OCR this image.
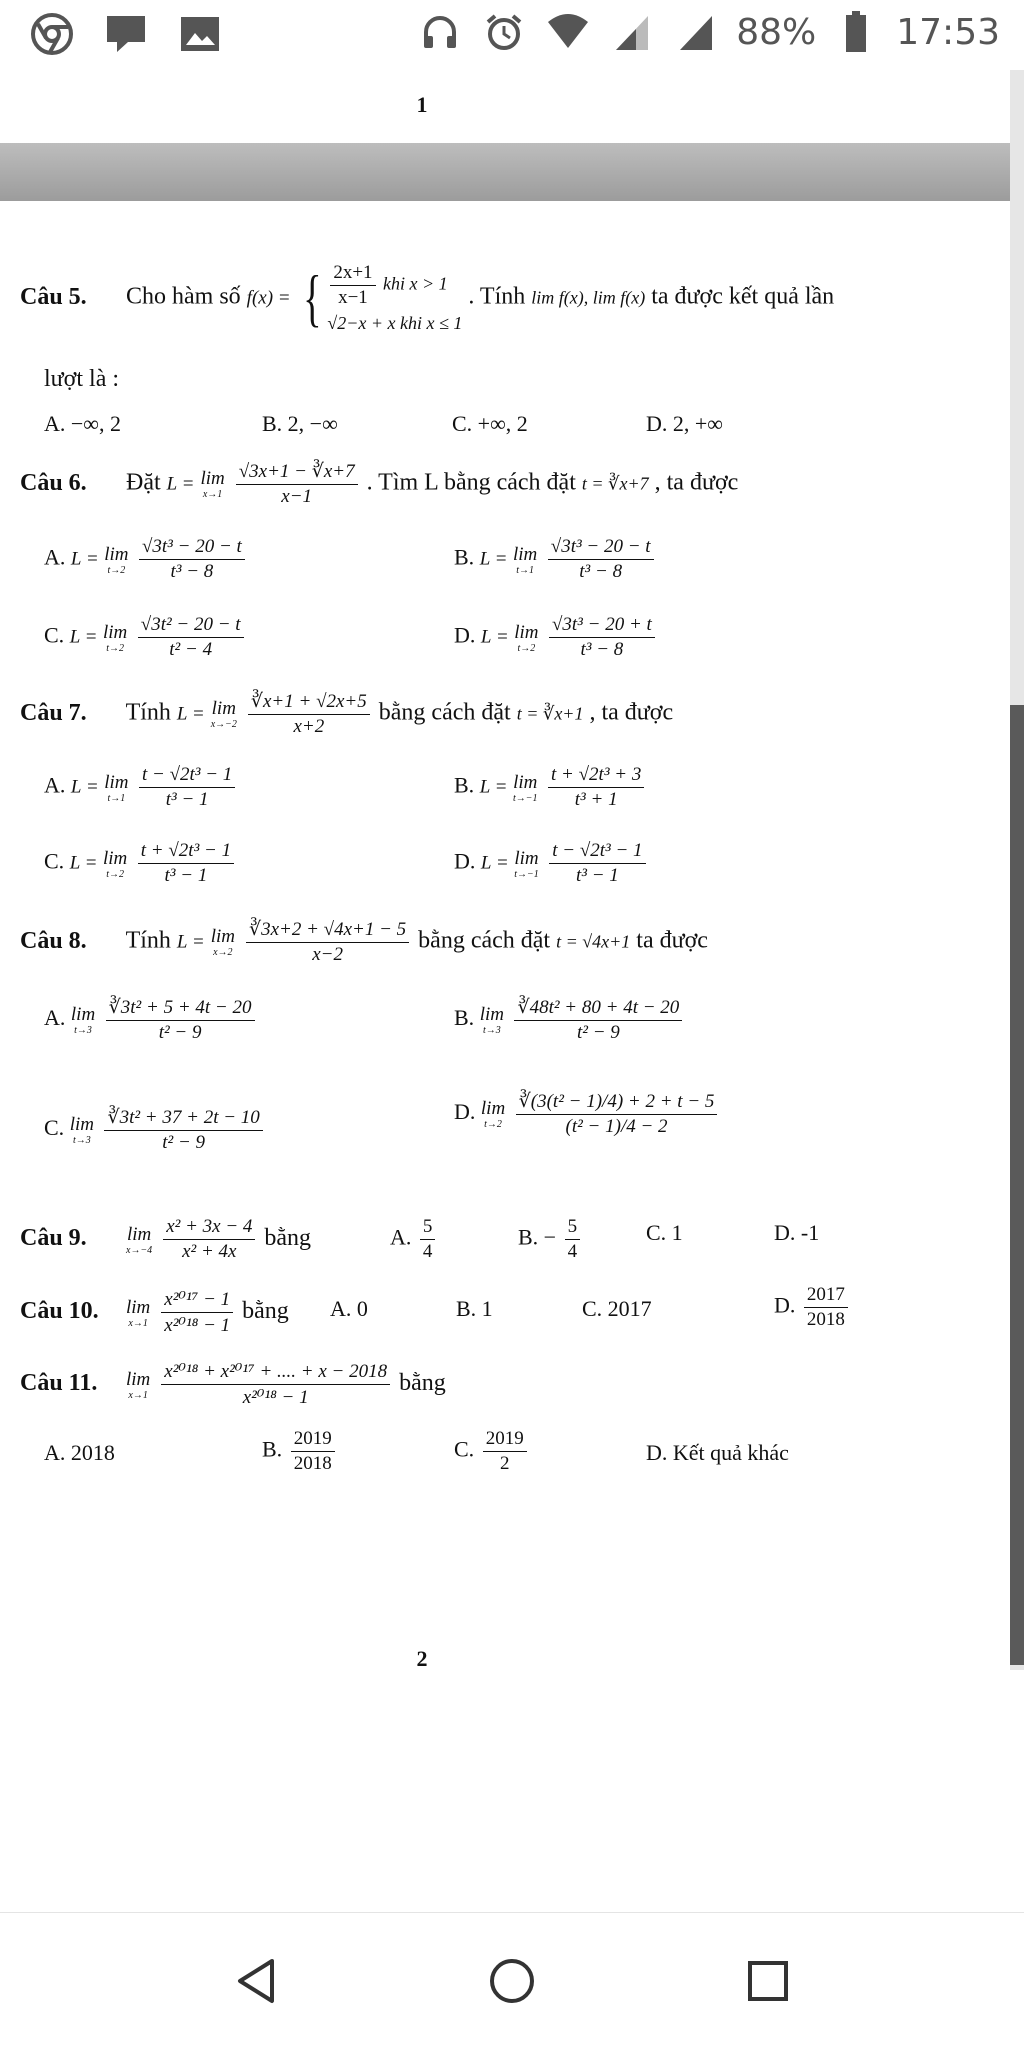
88% 17:53
1
Câu 5. Cho hàm số f(x) = { $\frac{2x+1}{x-1}$ khi x > 1
√2−x + x khi x ≤ 1
. Tính lim f(x), lim f(x) ta được kết quả lần
lượt là :
A. −∞, 2	B. 2, −∞	C. +∞, 2	D. 2, +∞
Câu 6. Đặt L = lim
x→1
$\frac{√3x+1 - ∛x+7}{x-1}$ . Tìm L bằng cách đặt t = ∛x+7 , ta được
A. L = lim
t→2
$\frac{\text{√3t³ − 20 − t}}{\text{t³ − 8}}$	B. L = lim
t→1
$\frac{\text{√3t³ − 20 − t}}{\text{t³ − 8}}$
C. L = lim
t→2
$\frac{\text{√3t² − 20 − t}}{\text{t² − 4}}$	D. L = lim
t→2
$\frac{\text{√3t³ − 20 + t}}{\text{t³ − 8}}$
Câu 7. Tính L = lim
x→−2
$\frac{∛x+1 + √2x+5}{x+2}$ bằng cách đặt t = ∛x+1 , ta được
A. L = lim
t→1
$\frac{\text{t − √2t³ − 1}}{\text{t³ − 1}}$	B. L = lim
t→−1
$\frac{\text{t + √2t³ + 3}}{\text{t³ + 1}}$
C. L = lim
t→2
$\frac{\text{t + √2t³ − 1}}{\text{t³ − 1}}$	D. L = lim
t→−1
$\frac{\text{t − √2t³ − 1}}{\text{t³ − 1}}$
Câu 8. Tính L = lim
x→2
$\frac{∛3x+2 + √4x+1 - 5}{x-2}$ bằng cách đặt t = √4x+1 ta được
A. lim
t→3
$\frac{\text{∛3t² + 5 + 4t − 20}}{\text{t² − 9}}$	B. lim
t→3
$\frac{\text{∛48t² + 80 + 4t − 20}}{\text{t² − 9}}$
C. lim
t→3
$\frac{\text{∛3t² + 37 + 2t − 10}}{\text{t² − 9}}$	D. lim
t→2
$\frac{\text{∛(3(t² − 1)/4) + 2 + t − 5}}{\text{(t² − 1)/4 − 2}}$
Câu 9. lim
x→−4
$\frac{\text{x² + 3x − 4}}{\text{x² + 4x}}$ bằng	A. $\frac{5}{4}$	B. − $\frac{5}{4}$	C. 1	D. -1
Câu 10. lim
x→1
$\frac{\text{x²⁰¹⁷ − 1}}{\text{x²⁰¹⁸ − 1}}$ bằng A. 0	B. 1	C. 2017	D. $\frac{2017}{2018}$
Câu 11. lim
x→1
$\frac{\text{x²⁰¹⁸ + x²⁰¹⁷ + .... + x − 2018}}{\text{x²⁰¹⁸ − 1}}$ bằng
A. 2018	B. $\frac{2019}{2018}$	C. $\frac{2019}{2}$	D. Kết quả khác
2
